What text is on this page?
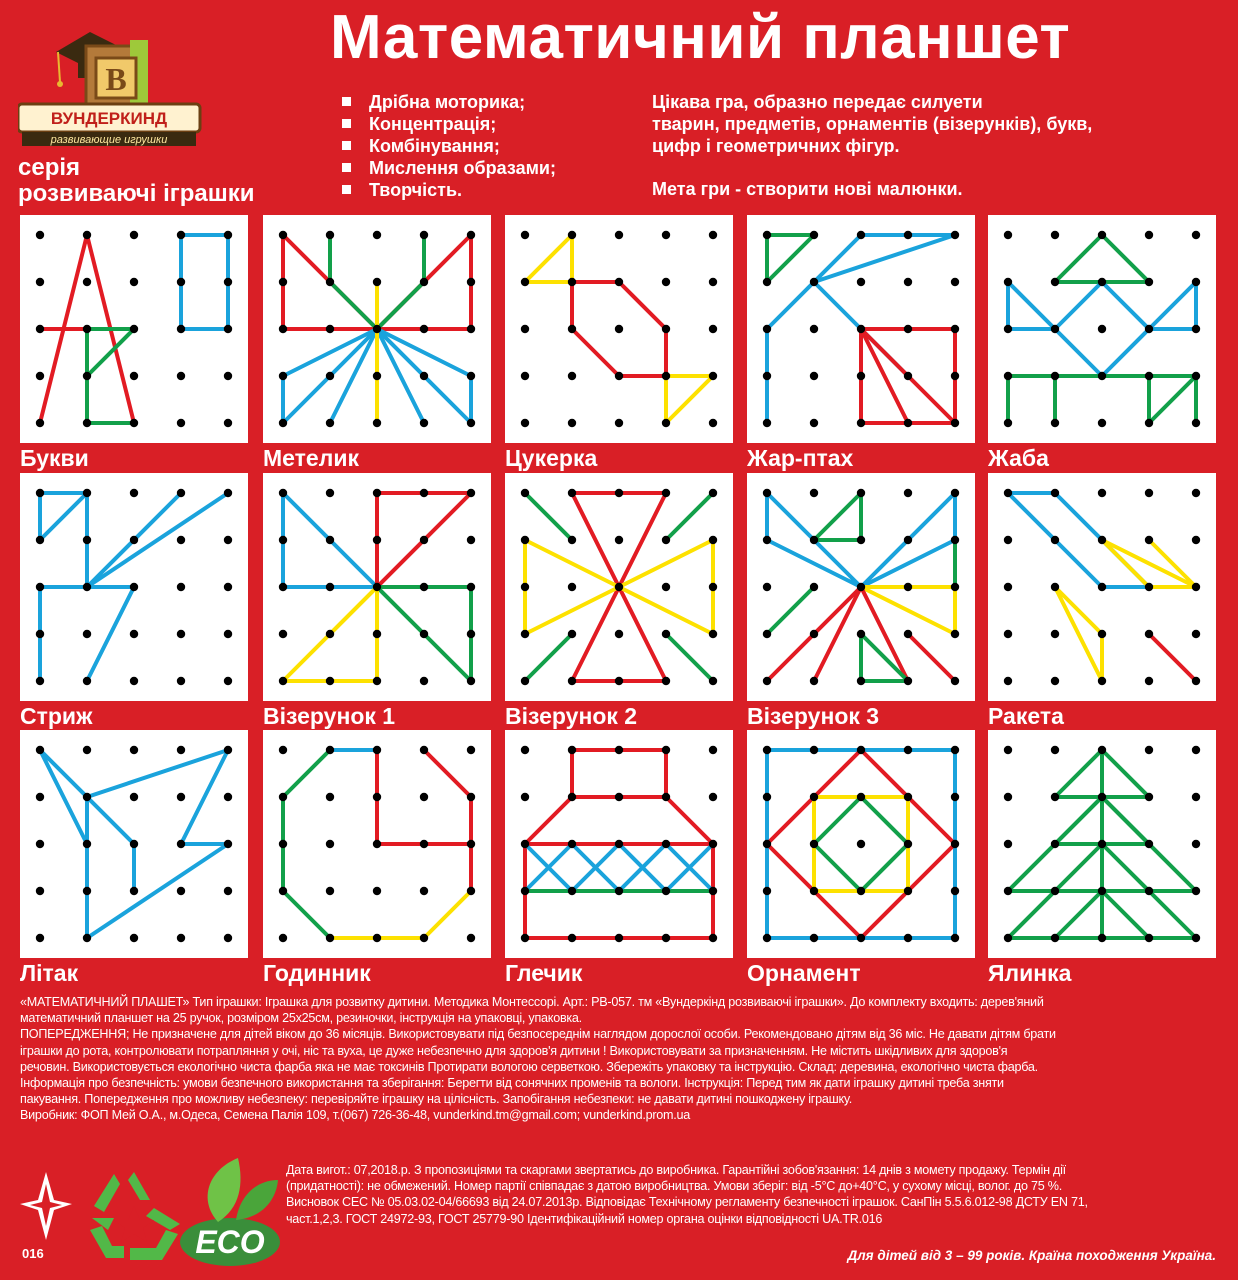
В
ВУНДЕРКИНД
развивающие игрушки
серія
розвиваючі іграшки
Математичний планшет
Дрібна моторика;
Концентрація;
Комбінування;
Мислення образами;
Творчість.
Цікава гра, образно передає силуети
тварин, предметів, орнаментів (візерунків), букв,
цифр і геометричних фігур.
Мета гри - створити нові малюнки.
Букви	Метелик	Цукерка	Жар-птах	Жаба
Стриж	Візерунок 1	Візерунок 2	Візерунок 3	Ракета
Літак	Годинник	Глечик	Орнамент	Ялинка

«МАТЕМАТИЧНИЙ ПЛАШЕТ» Тип іграшки: Іграшка для розвитку дитини. Методика Монтессорі. Арт.: РВ-057. тм «Вундеркінд розвиваючі іграшки». До комплекту входить: дерев'яний

математичний планшет на 25 ручок, розміром 25х25см, резиночки, інструкція на упаковці, упаковка.

ПОПЕРЕДЖЕННЯ; Не призначене для дітей віком до 36 місяців. Використовувати під безпосереднім наглядом дорослої особи. Рекомендовано дітям від 36 міс. Не давати дітям брати

іграшки до рота, контролювати потрапляння у очі, ніс та вуха, це дуже небезпечно для здоров'я дитини ! Використовувати за призначенням. Не містить шкідливих для здоров'я

речовин. Використовується екологічно чиста фарба яка не має токсинів Протирати вологою серветкою. Збережіть упаковку та інструкцію. Склад: деревина, екологічно чиста фарба.

Інформація про безпечність: умови безпечного використання та зберігання: Берегти від сонячних променів та вологи. Інструкція: Перед тим як дати іграшку дитині треба зняти

пакування. Попередження про можливу небезпеку: перевіряйте іграшку на цілісність. Запобігання небезпеки: не давати дитині пошкоджену іграшку.

Виробник: ФОП Мей О.А., м.Одеса, Семена Палія 109, т.(067) 726-36-48, vunderkind.tm@gmail.com; vunderkind.prom.ua

Дата вигот.: 07,2018.р. З пропозиціями та скаргами звертатись до виробника. Гарантійні зобов'язання: 14 днів з мометy продажу. Термін дії

(придатності): не обмежений. Номер партії співпадає з датою виробництва. Умови зберіг: від -5°С до+40°С, у сухому місці, волог. до 75 %.

Висновок СЕС № 05.03.02-04/66693 від 24.07.2013р. Відповідає Технічному регламенту безпечності іграшок. СанПін 5.5.6.012-98 ДСТУ EN 71,

част.1,2,3. ГОСТ 24972-93, ГОСТ 25779-90 Ідентифікаційний номер органа оцінки відповідності UA.TR.016

016	ECO	Для дітей від 3 – 99 років. Країна походження Україна.
